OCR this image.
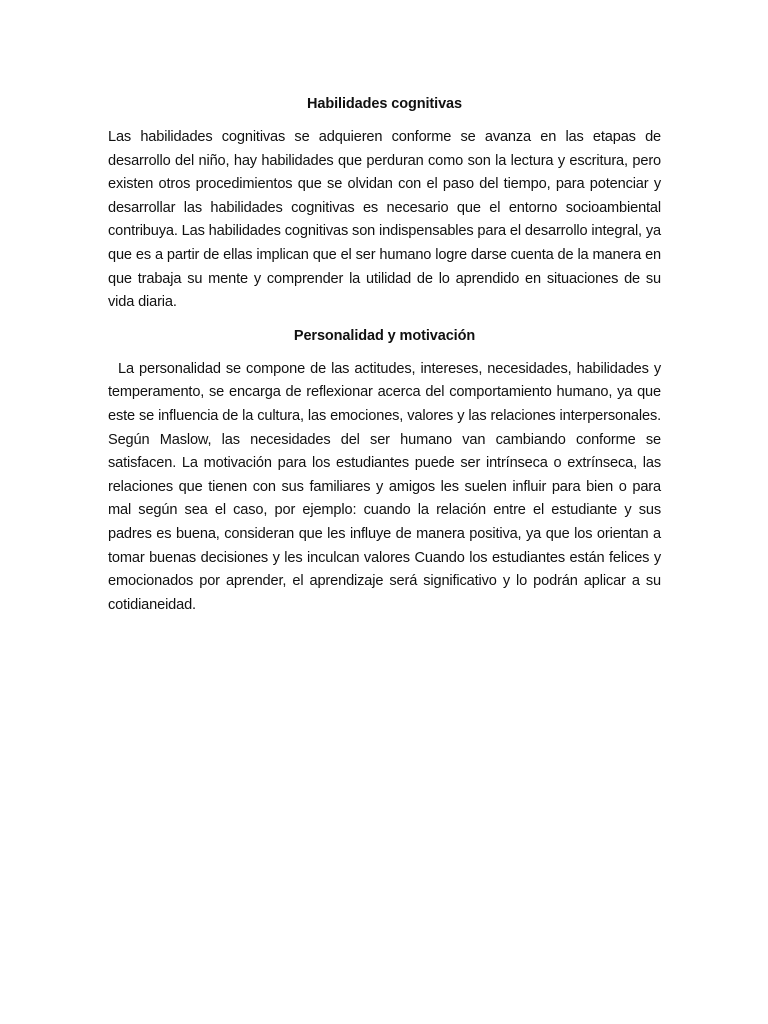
Habilidades cognitivas

Las habilidades cognitivas se adquieren conforme se avanza en las etapas de desarrollo del niño, hay habilidades que perduran como son la lectura y escritura, pero existen otros procedimientos que se olvidan con el paso del tiempo, para potenciar y desarrollar las habilidades cognitivas es necesario que el entorno socioambiental contribuya. Las habilidades cognitivas son indispensables para el desarrollo integral, ya que es a partir de ellas implican que el ser humano logre darse cuenta de la manera en que trabaja su mente y comprender la utilidad de lo aprendido en situaciones de su vida diaria.

Personalidad y motivación

La personalidad se compone de las actitudes, intereses, necesidades, habilidades y temperamento, se encarga de reflexionar acerca del comportamiento humano, ya que este se influencia de la cultura, las emociones, valores y las relaciones interpersonales. Según Maslow, las necesidades del ser humano van cambiando conforme se satisfacen. La motivación para los estudiantes puede ser intrínseca o extrínseca, las relaciones que tienen con sus familiares y amigos les suelen influir para bien o para mal según sea el caso, por ejemplo: cuando la relación entre el estudiante y sus padres es buena, consideran que les influye de manera positiva, ya que los orientan a tomar buenas decisiones y les inculcan valores Cuando los estudiantes están felices y emocionados por aprender, el aprendizaje será significativo y lo podrán aplicar a su cotidianeidad.
